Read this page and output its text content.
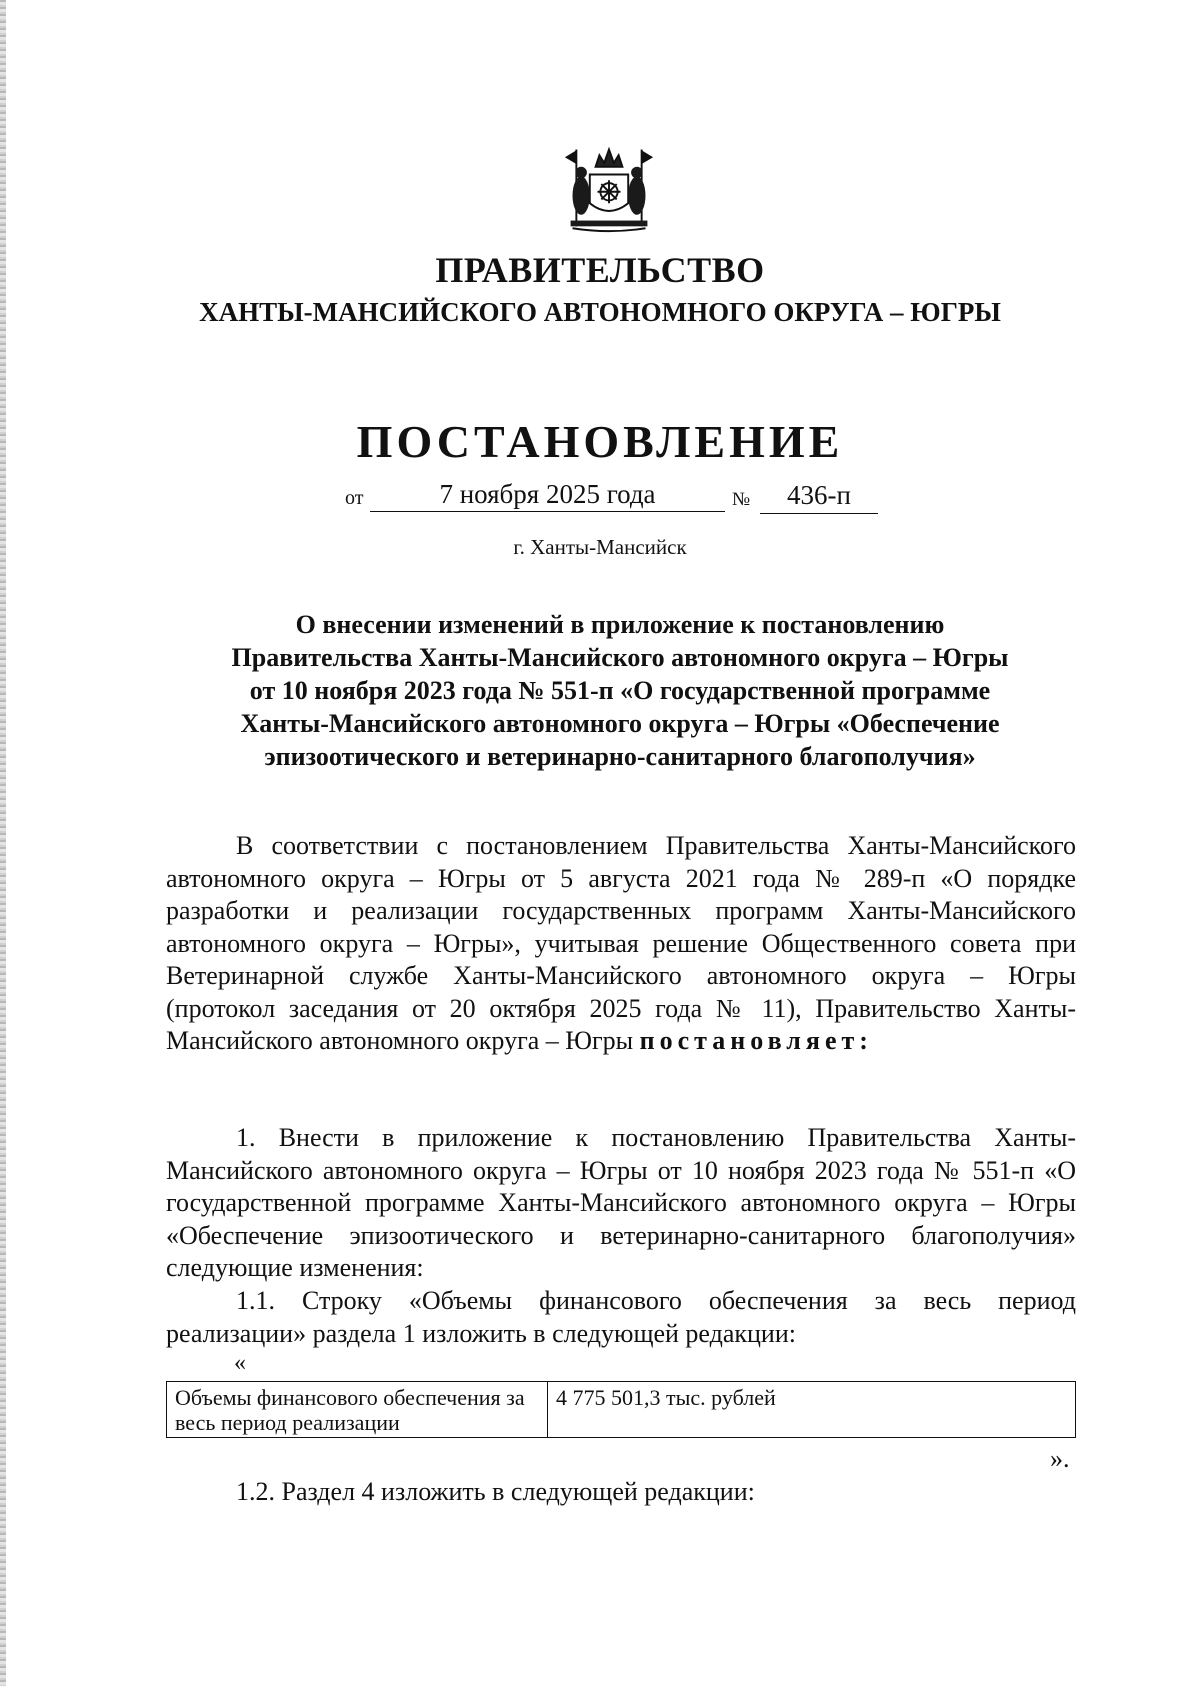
ПРАВИТЕЛЬСТВО
ХАНТЫ-МАНСИЙСКОГО АВТОНОМНОГО ОКРУГА – ЮГРЫ
ПОСТАНОВЛЕНИЕ
от	7 ноября 2025 года	№	436-п
г. Ханты-Мансийск
О внесении изменений в приложение к постановлению
Правительства Ханты-Мансийского автономного округа – Югры
от 10 ноября 2023 года № 551-п «О государственной программе
Ханты-Мансийского автономного округа – Югры «Обеспечение
эпизоотического и ветеринарно-санитарного благополучия»
В соответствии с постановлением Правительства Ханты-Мансийского автономного округа – Югры от 5 августа 2021 года № 289-п «О порядке разработки и реализации государственных программ Ханты-Мансийского автономного округа – Югры», учитывая решение Общественного совета при Ветеринарной службе Ханты-Мансийского автономного округа – Югры (протокол заседания от 20 октября 2025 года № 11), Правительство Ханты-Мансийского автономного округа – Югры постановляет:
1. Внести в приложение к постановлению Правительства Ханты-Мансийского автономного округа – Югры от 10 ноября 2023 года № 551-п «О государственной программе Ханты-Мансийского автономного округа – Югры «Обеспечение эпизоотического и ветеринарно-санитарного благополучия» следующие изменения:
1.1. Строку «Объемы финансового обеспечения за весь период реализации» раздела 1 изложить в следующей редакции:
«
Объемы финансового обеспечения за весь период реализации	4 775 501,3 тыс. рублей
».
1.2. Раздел 4 изложить в следующей редакции:
